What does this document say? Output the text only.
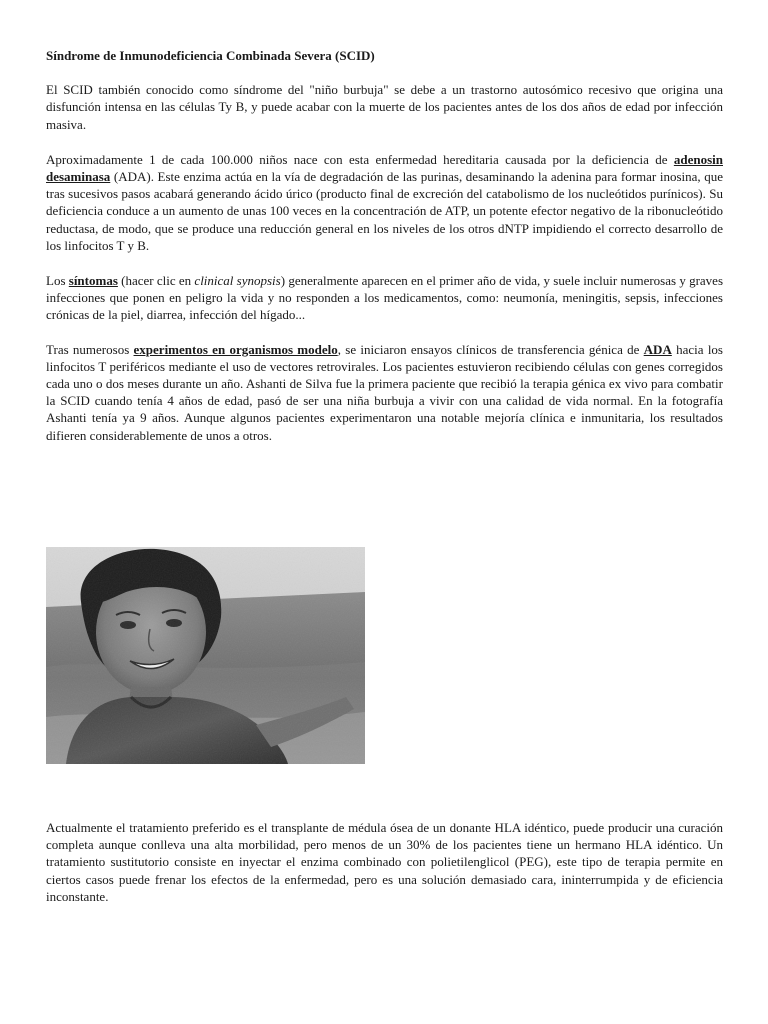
Síndrome de Inmunodeficiencia Combinada Severa (SCID)

El SCID también conocido como síndrome del "niño burbuja" se debe a un trastorno autosómico recesivo que origina una disfunción intensa en las células Ty B, y puede acabar con la muerte de los pacientes antes de los dos años de edad por infección masiva.

Aproximadamente 1 de cada 100.000 niños nace con esta enfermedad hereditaria causada por la deficiencia de adenosin desaminasa (ADA). Este enzima actúa en la vía de degradación de las purinas, desaminando la adenina para formar inosina, que tras sucesivos pasos acabará generando ácido úrico (producto final de excreción del catabolismo de los nucleótidos purínicos). Su deficiencia conduce a un aumento de unas 100 veces en la concentración de ATP, un potente efector negativo de la ribonucleótido reductasa, de modo, que se produce una reducción general en los niveles de los otros dNTP impidiendo el correcto desarrollo de los linfocitos T y B.

Los síntomas (hacer clic en clinical synopsis) generalmente aparecen en el primer año de vida, y suele incluir numerosas y graves infecciones que ponen en peligro la vida y no responden a los medicamentos, como: neumonía, meningitis, sepsis, infecciones crónicas de la piel, diarrea, infección del hígado...

Tras numerosos experimentos en organismos modelo, se iniciaron ensayos clínicos de transferencia génica de ADA hacia los linfocitos T periféricos mediante el uso de vectores retrovirales. Los pacientes estuvieron recibiendo células con genes corregidos cada uno o dos meses durante un año. Ashanti de Silva fue la primera paciente que recibió la terapia génica ex vivo para combatir la SCID cuando tenía 4 años de edad, pasó de ser una niña burbuja a vivir con una calidad de vida normal. En la fotografía Ashanti tenía ya 9 años. Aunque algunos pacientes experimentaron una notable mejoría clínica e inmunitaria, los resultados difieren considerablemente de unos a otros.

Actualmente el tratamiento preferido es el transplante de médula ósea de un donante HLA idéntico, puede producir una curación completa aunque conlleva una alta morbilidad, pero menos de un 30% de los pacientes tiene un hermano HLA idéntico. Un tratamiento sustitutorio consiste en inyectar el enzima combinado con polietilenglicol (PEG), este tipo de terapia permite en ciertos casos puede frenar los efectos de la enfermedad, pero es una solución demasiado cara, ininterrumpida y de eficiencia inconstante.
